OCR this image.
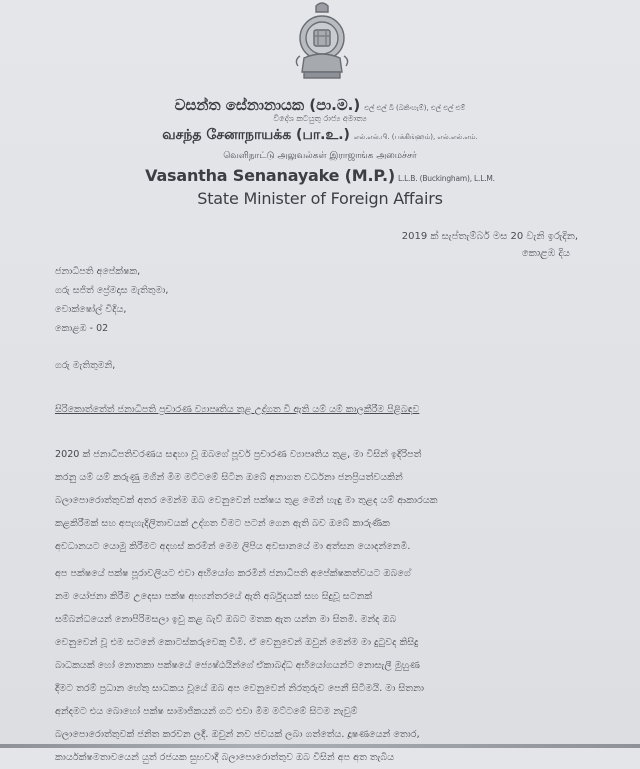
වසන්ත සේනානායක (පා.ම.) එල් එල් බී (බකිංහැම්), එල් එල් එම්
විදේශ කටයුතු රාජ්‍ය අමාත්‍ය
வசந்த சேனாநாயக்க (பா.உ.) எல்.எல்.பி. (பக்கிங்ஹம்), எல்.எல்.எம்.
வெளிநாட்டு அலுவல்கள் இராஜாங்க அமைச்சர்
Vasantha Senanayake (M.P.) L.L.B. (Buckingham), L.L.M.
State Minister of Foreign Affairs
2019 ක් සැප්තැම්බර් මස 20 වැනි ඉරුදින,
කොළඹ දිය
ජනාධිපති අපේක්ෂක,
ගරු සජිත් ප්‍රේමදාස මැතිතුමා,
වොක්ෂෝල් වීදිය,
කොළඹ - 02
ගරු මැතිතුමනි,
සිරිකොත්තේත් ජනාධිපති ප්‍රචාරණ ව්‍යාපෘතිය තුළ උද්ගත වී ඇති යම් යම් කාලකීරීම පිළිබඳව
2020 ක් ජනාධිපතිවරණය සඳහා වූ ඔබගේ පූර්ව ප්‍රචාරණ ව්‍යාපෘතිය තුළ, මා විසින් ඉදිරිපත්
කරනු යම් යම් කරුණු මගින් මිම මට්ටමේ සිටින ඔබේ අනාගත වර්ධනා ජනප්‍රියත්වයකින්
බලාපොරොත්තුවක් අතර මෙන්ම ඔබ වෙනුවෙන් පක්ෂය තුළ මෙන් හැඳු මා තුළද යම් ආකාරයක
කළකිරීමක් සහ අපැහැදිලිතාවයක් උද්ගත වීමට පටන් ගෙන ඇති බව ඔබේ කාරුණික
අවධානයට යොමු කිරීමට අදහස් කරමින් මෙම ලිපිය අවසානයේ මා අත්සන යොදන්නෙමි.
අප පක්ෂයේ පක්ෂ පූරාවලියට එවා අභියෝග කරමින් ජනාධිපති අපේක්ෂකත්වයට ඔබගේ
නම යෝජනා කිරීම උදෙසා පක්ෂ අභ්‍යන්තරයේ ඇති අර්බුදයක් සහ සිදුවූ සටනක්
සම්බන්ධයෙන් නොපිරිමසලා ඉවු කළ බැව් ඔබට මතක ඇත යන්න මා සිතමි. මන්ද ඔබ
වෙනුවෙන් වූ එම සටනේ කොටස්කරුවෙකු වීමි. ඒ වෙනුවෙන් ඔවුන් මෙන්ම මා දුටුවද කිසිදු
බාධකයක් හෝ නොතකා පක්ෂයේ ජ්‍යෙෂ්ඨයින්ගේ ඒකාබද්ධ අභියෝගයන්ට නොසැලී මුහුණ
දීමට තරම් ප්‍රධාන හේතු සාධකය වූයේ ඔබ අප වෙනුවෙන් නිරතුරුව පෙනී සිටීමයි. මා සිතනා
අන්දමට එය බොහෝ පක්ෂ සාමාජිකයන් ගට එවා මිම මට්ටමේ සිටම නැවුම්
බලාපොරොත්තුවක් ජනිත කරවන ලදී. ඔවුන් නව ජවයක් ලබා ගත්තේය. දූෂණයෙන් තොර,
කාර්යක්ෂමතාවයෙන් යුත් රජයක සුභවාදී බලාපොරොත්තුව ඔබ විසින් අප අත තැබිය
